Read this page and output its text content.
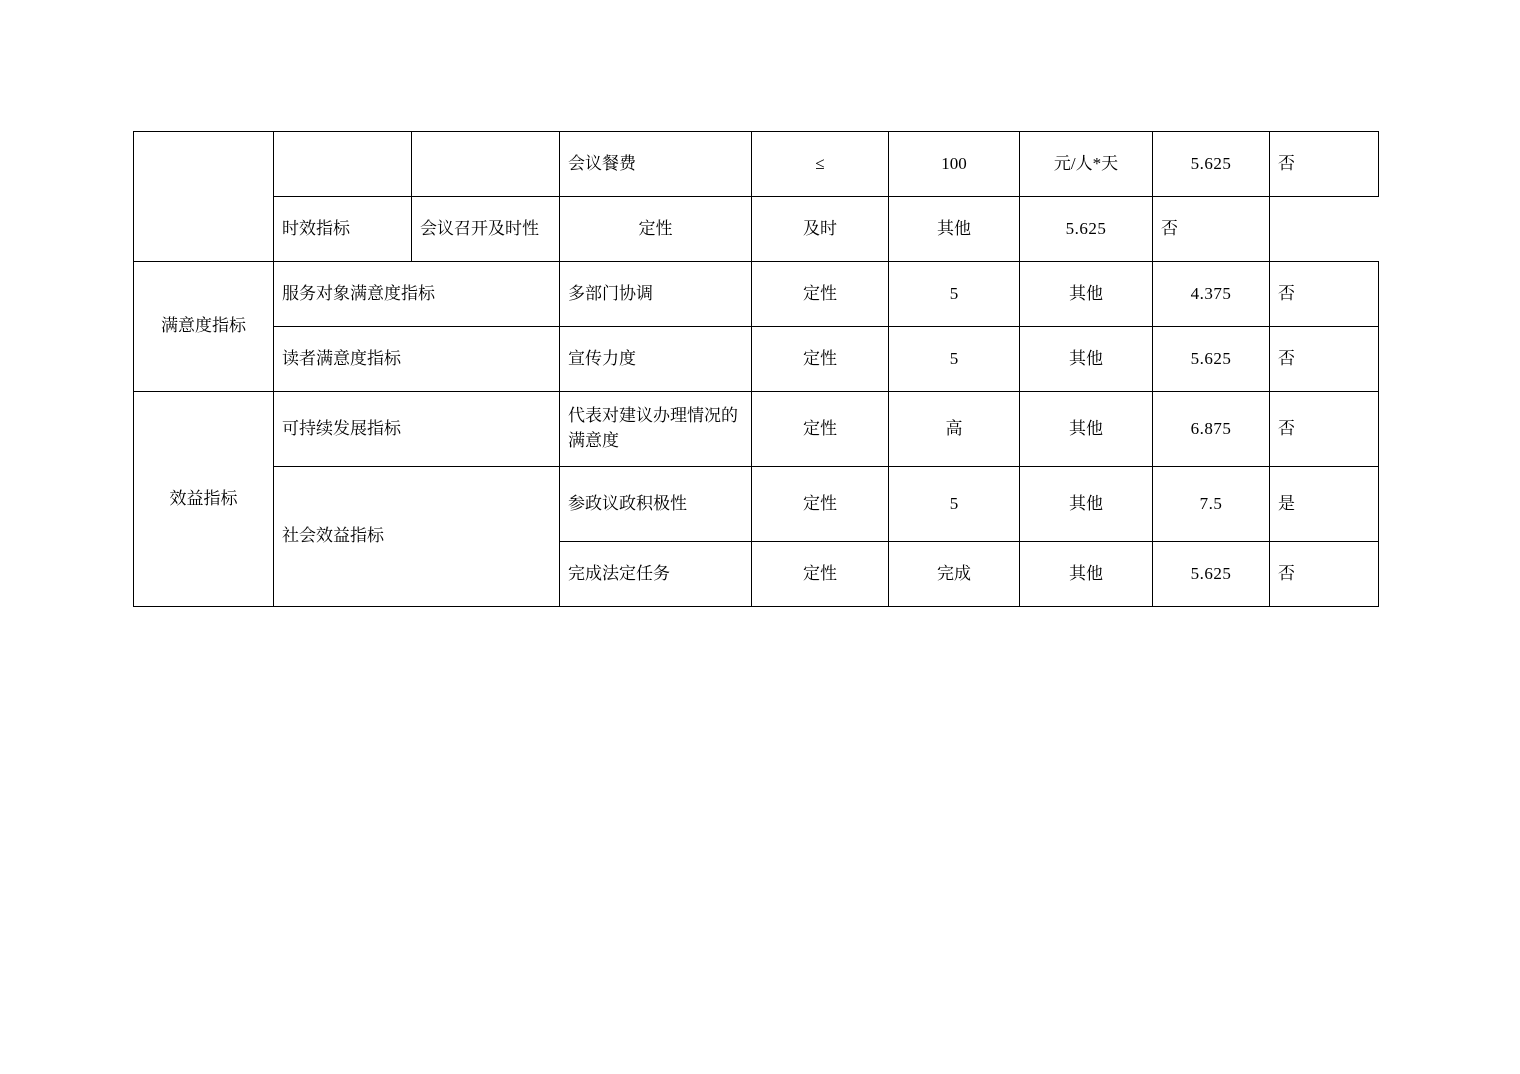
			会议餐费	≤	100	元/人*天	5.625	否
	时效指标	会议召开及时性	定性	及时	其他	5.625	否	
满意度指标	服务对象满意度指标		多部门协调	定性	5	其他	4.375	否
	读者满意度指标		宣传力度	定性	5	其他	5.625	否
效益指标	可持续发展指标		代表对建议办理情况的满意度	定性	高	其他	6.875	否
	社会效益指标		参政议政积极性	定性	5	其他	7.5	是
			完成法定任务	定性	完成	其他	5.625	否
